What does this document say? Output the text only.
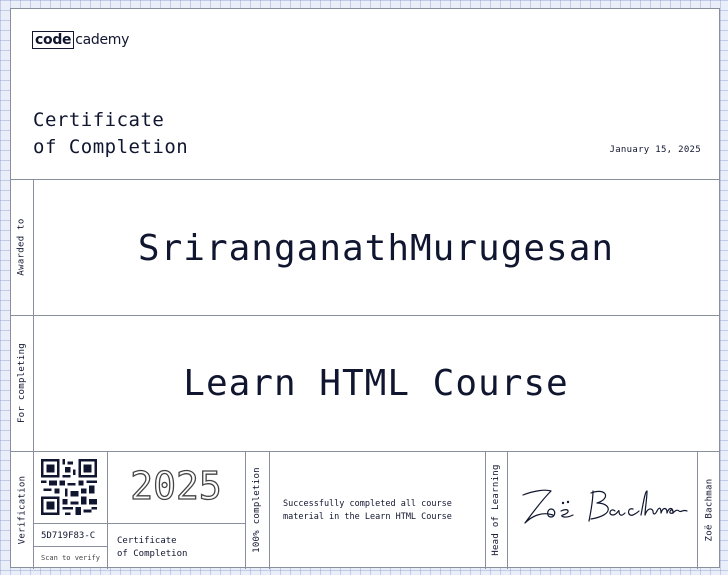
code cademy
Certificate
of Completion	January 15, 2025
Awarded to	SriranganathMurugesan
For completing	Learn HTML Course
Verification 5D719F83-C
Scan to verify
2025
Certificate
of Completion
100% completion Successfully completed all course
material in the Learn HTML Course	Head of Learning	Zoë Bachman
